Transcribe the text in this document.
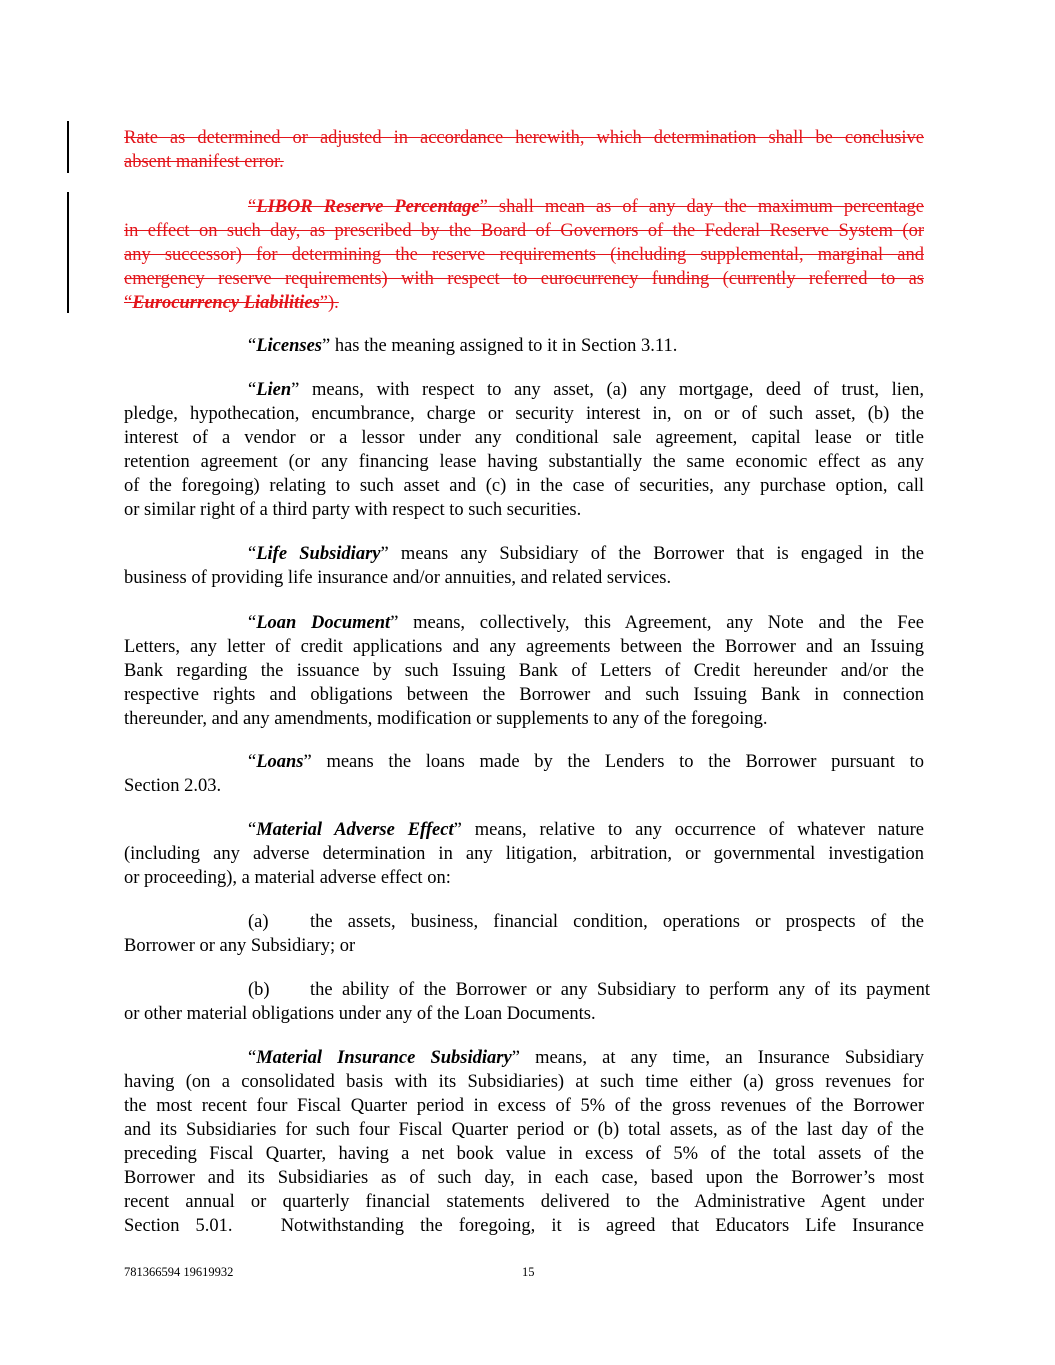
Rate as determined or adjusted in accordance herewith, which determination shall be conclusive
absent manifest error.
“LIBOR Reserve Percentage” shall mean as of any day the maximum percentage
in effect on such day, as prescribed by the Board of Governors of the Federal Reserve System (or
any successor) for determining the reserve requirements (including supplemental, marginal and
emergency reserve requirements) with respect to eurocurrency funding (currently referred to as
“Eurocurrency Liabilities”).
“Licenses” has the meaning assigned to it in Section 3.11.
“Lien” means, with respect to any asset, (a) any mortgage, deed of trust, lien,
pledge, hypothecation, encumbrance, charge or security interest in, on or of such asset, (b) the
interest of a vendor or a lessor under any conditional sale agreement, capital lease or title
retention agreement (or any financing lease having substantially the same economic effect as any
of the foregoing) relating to such asset and (c) in the case of securities, any purchase option, call
or similar right of a third party with respect to such securities.
“Life Subsidiary” means any Subsidiary of the Borrower that is engaged in the
business of providing life insurance and/or annuities, and related services.
“Loan Document” means, collectively, this Agreement, any Note and the Fee
Letters, any letter of credit applications and any agreements between the Borrower and an Issuing
Bank regarding the issuance by such Issuing Bank of Letters of Credit hereunder and/or the
respective rights and obligations between the Borrower and such Issuing Bank in connection
thereunder, and any amendments, modification or supplements to any of the foregoing.
“Loans” means the loans made by the Lenders to the Borrower pursuant to
Section 2.03.
“Material Adverse Effect” means, relative to any occurrence of whatever nature
(including any adverse determination in any litigation, arbitration, or governmental investigation
or proceeding), a material adverse effect on:
(a) the assets, business, financial condition, operations or prospects of the
Borrower or any Subsidiary; or
(b) the ability of the Borrower or any Subsidiary to perform any of its payment
or other material obligations under any of the Loan Documents.
“Material Insurance Subsidiary” means, at any time, an Insurance Subsidiary
having (on a consolidated basis with its Subsidiaries) at such time either (a) gross revenues for
the most recent four Fiscal Quarter period in excess of 5% of the gross revenues of the Borrower
and its Subsidiaries for such four Fiscal Quarter period or (b) total assets, as of the last day of the
preceding Fiscal Quarter, having a net book value in excess of 5% of the total assets of the
Borrower and its Subsidiaries as of such day, in each case, based upon the Borrower’s most
recent annual or quarterly financial statements delivered to the Administrative Agent under
Section 5.01.   Notwithstanding the foregoing, it is agreed that Educators Life Insurance
781366594 19619932	15
